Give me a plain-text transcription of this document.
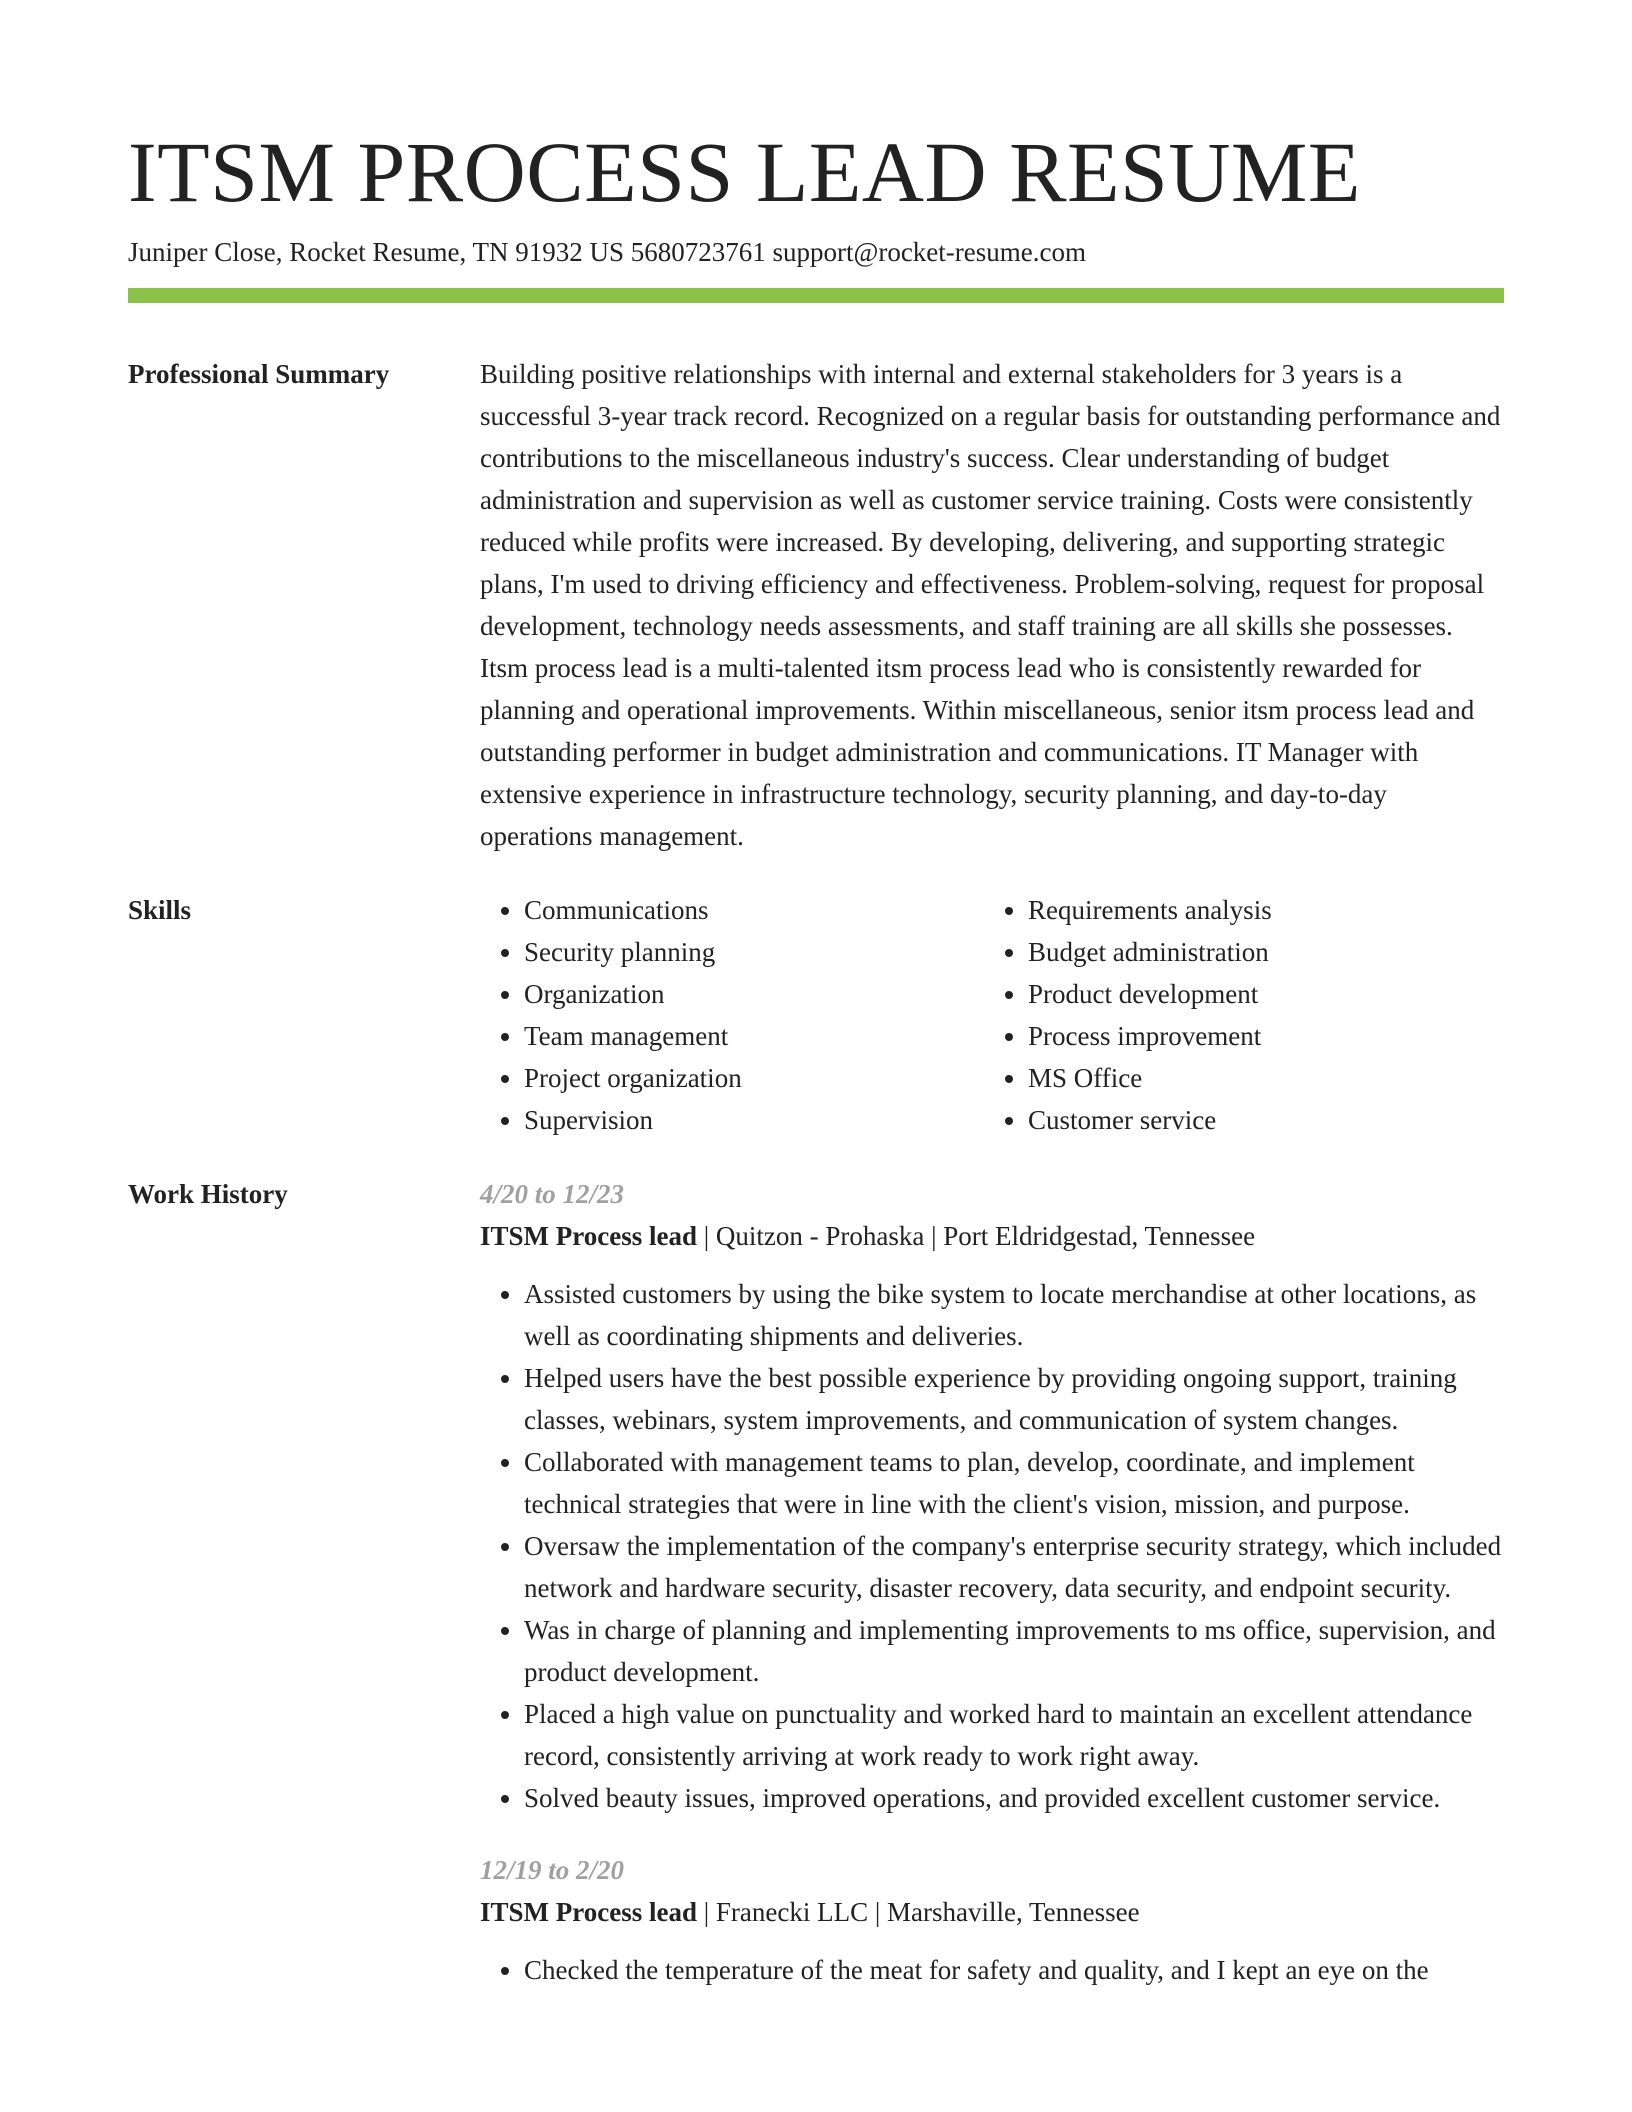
ITSM PROCESS LEAD RESUME
Juniper Close, Rocket Resume, TN 91932 US 5680723761 support@rocket-resume.com
Professional Summary	Building positive relationships with internal and external stakeholders for 3 years is a successful 3-year track record. Recognized on a regular basis for outstanding performance and contributions to the miscellaneous industry's success. Clear understanding of budget administration and supervision as well as customer service training. Costs were consistently reduced while profits were increased. By developing, delivering, and supporting strategic plans, I'm used to driving efficiency and effectiveness. Problem-solving, request for proposal development, technology needs assessments, and staff training are all skills she possesses. Itsm process lead is a multi-talented itsm process lead who is consistently rewarded for planning and operational improvements. Within miscellaneous, senior itsm process lead and outstanding performer in budget administration and communications. IT Manager with extensive experience in infrastructure technology, security planning, and day-to-day operations management.

Skills
•	Communications
• Security planning
• Organization
• Team management
• Project organization
• Supervision
• Requirements analysis
• Budget administration
• Product development
• Process improvement
• MS Office
• Customer service
Work History	4/20 to 12/23
ITSM Process lead | Quitzon - Prohaska | Port Eldridgestad, Tennessee
• Assisted customers by using the bike system to locate merchandise at other locations, as well as coordinating shipments and deliveries.
• Helped users have the best possible experience by providing ongoing support, training classes, webinars, system improvements, and communication of system changes.
• Collaborated with management teams to plan, develop, coordinate, and implement technical strategies that were in line with the client's vision, mission, and purpose.
• Oversaw the implementation of the company's enterprise security strategy, which included network and hardware security, disaster recovery, data security, and endpoint security.
• Was in charge of planning and implementing improvements to ms office, supervision, and product development.
• Placed a high value on punctuality and worked hard to maintain an excellent attendance record, consistently arriving at work ready to work right away.
• Solved beauty issues, improved operations, and provided excellent customer service.
12/19 to 2/20
ITSM Process lead | Franecki LLC | Marshaville, Tennessee
• Checked the temperature of the meat for safety and quality, and I kept an eye on the
